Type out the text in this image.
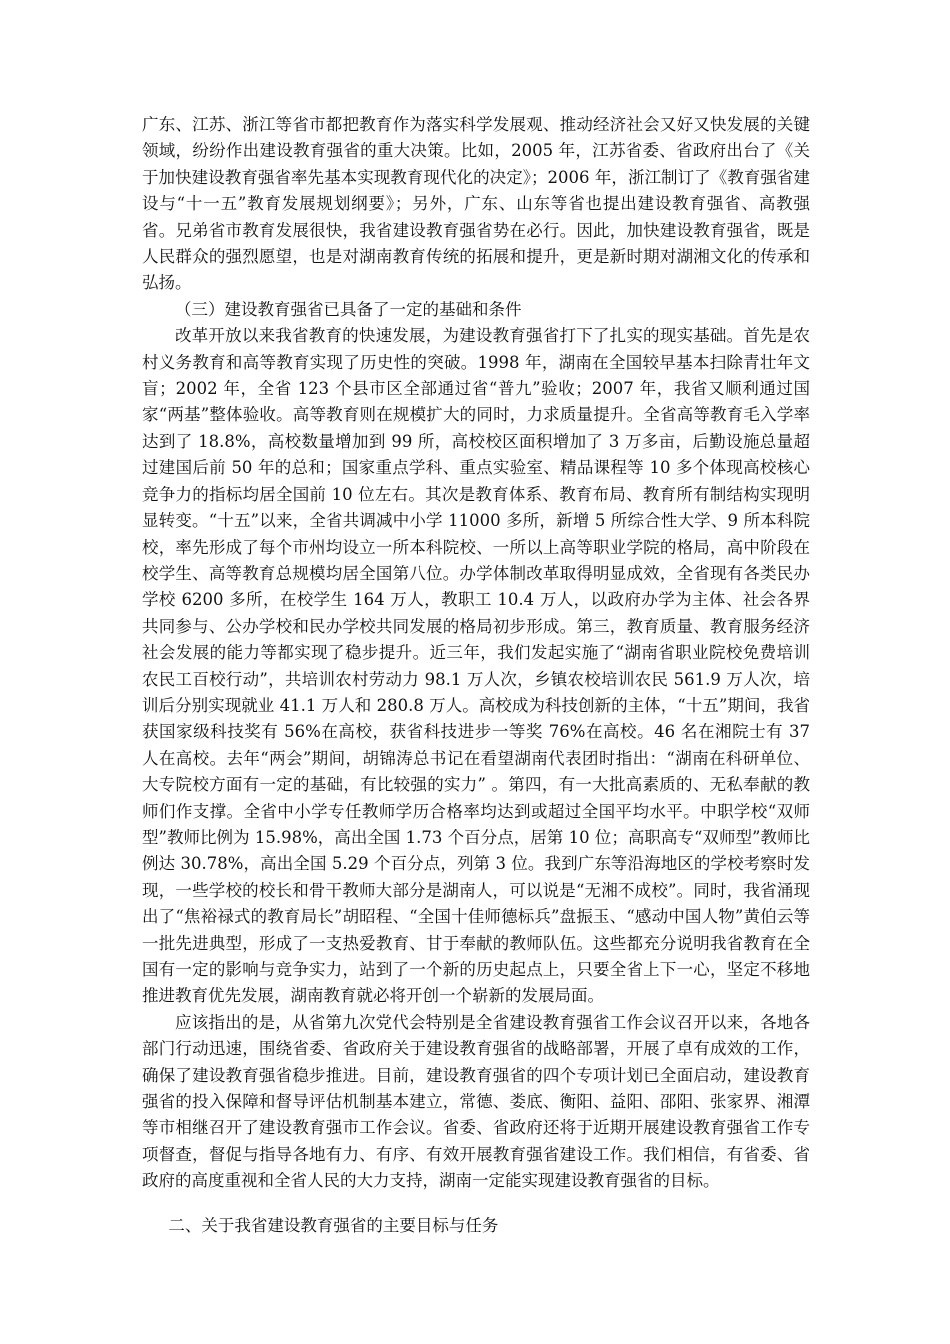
广东、江苏、浙江等省市都把教育作为落实科学发展观、推动经济社会又好又快发展的关键领域，纷纷作出建设教育强省的重大决策。比如，2005 年，江苏省委、省政府出台了《关于加快建设教育强省率先基本实现教育现代化的决定》；2006 年，浙江制订了《教育强省建设与“十一五”教育发展规划纲要》；另外，广东、山东等省也提出建设教育强省、高教强省。兄弟省市教育发展很快，我省建设教育强省势在必行。因此，加快建设教育强省，既是人民群众的强烈愿望，也是对湖南教育传统的拓展和提升，更是新时期对湖湘文化的传承和弘扬。

（三）建设教育强省已具备了一定的基础和条件

改革开放以来我省教育的快速发展，为建设教育强省打下了扎实的现实基础。首先是农村义务教育和高等教育实现了历史性的突破。1998 年，湖南在全国较早基本扫除青壮年文盲；2002 年，全省 123 个县市区全部通过省“普九”验收；2007 年，我省又顺利通过国家“两基”整体验收。高等教育则在规模扩大的同时，力求质量提升。全省高等教育毛入学率达到了 18.8%，高校数量增加到 99 所，高校校区面积增加了 3 万多亩，后勤设施总量超过建国后前 50 年的总和；国家重点学科、重点实验室、精品课程等 10 多个体现高校核心竞争力的指标均居全国前 10 位左右。其次是教育体系、教育布局、教育所有制结构实现明显转变。“十五”以来，全省共调减中小学 11000 多所，新增 5 所综合性大学、9 所本科院校，率先形成了每个市州均设立一所本科院校、一所以上高等职业学院的格局，高中阶段在校学生、高等教育总规模均居全国第八位。办学体制改革取得明显成效，全省现有各类民办学校 6200 多所，在校学生 164 万人，教职工 10.4 万人，以政府办学为主体、社会各界共同参与、公办学校和民办学校共同发展的格局初步形成。第三，教育质量、教育服务经济社会发展的能力等都实现了稳步提升。近三年，我们发起实施了“湖南省职业院校免费培训农民工百校行动”，共培训农村劳动力 98.1 万人次，乡镇农校培训农民 561.9 万人次，培训后分别实现就业 41.1 万人和 280.8 万人。高校成为科技创新的主体，“十五”期间，我省获国家级科技奖有 56%在高校，获省科技进步一等奖 76%在高校。46 名在湘院士有 37 人在高校。去年“两会”期间，胡锦涛总书记在看望湖南代表团时指出：“湖南在科研单位、大专院校方面有一定的基础，有比较强的实力” 。第四，有一大批高素质的、无私奉献的教师们作支撑。全省中小学专任教师学历合格率均达到或超过全国平均水平。中职学校“双师型”教师比例为 15.98%，高出全国 1.73 个百分点，居第 10 位；高职高专“双师型”教师比例达 30.78%，高出全国 5.29 个百分点，列第 3 位。我到广东等沿海地区的学校考察时发现，一些学校的校长和骨干教师大部分是湖南人，可以说是“无湘不成校”。同时，我省涌现出了“焦裕禄式的教育局长”胡昭程、“全国十佳师德标兵”盘振玉、“感动中国人物”黄伯云等一批先进典型，形成了一支热爱教育、甘于奉献的教师队伍。这些都充分说明我省教育在全国有一定的影响与竞争实力，站到了一个新的历史起点上，只要全省上下一心，坚定不移地推进教育优先发展，湖南教育就必将开创一个崭新的发展局面。

应该指出的是，从省第九次党代会特别是全省建设教育强省工作会议召开以来，各地各部门行动迅速，围绕省委、省政府关于建设教育强省的战略部署，开展了卓有成效的工作，确保了建设教育强省稳步推进。目前，建设教育强省的四个专项计划已全面启动，建设教育强省的投入保障和督导评估机制基本建立，常德、娄底、衡阳、益阳、邵阳、张家界、湘潭等市相继召开了建设教育强市工作会议。省委、省政府还将于近期开展建设教育强省工作专项督查，督促与指导各地有力、有序、有效开展教育强省建设工作。我们相信，有省委、省政府的高度重视和全省人民的大力支持，湖南一定能实现建设教育强省的目标。

二、关于我省建设教育强省的主要目标与任务
